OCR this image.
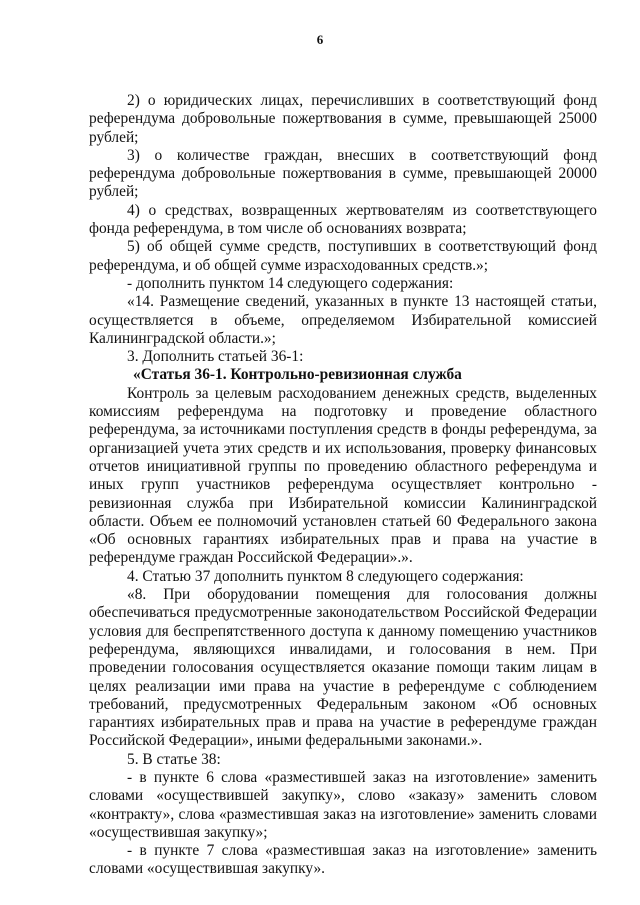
6

2) о юридических лицах, перечисливших в соответствующий фонд референдума добровольные пожертвования в сумме, превышающей 25000 рублей;

3) о количестве граждан, внесших в соответствующий фонд референдума добровольные пожертвования в сумме, превышающей 20000 рублей;

4) о средствах, возвращенных жертвователям из соответствующего фонда референдума, в том числе об основаниях возврата;

5) об общей сумме средств, поступивших в соответствующий фонд референдума, и об общей сумме израсходованных средств.»;

- дополнить пунктом 14 следующего содержания:

«14. Размещение сведений, указанных в пункте 13 настоящей статьи, осуществляется в объеме, определяемом Избирательной комиссией Калининградской области.»;

3. Дополнить статьей 36-1:

«Статья 36-1. Контрольно-ревизионная служба

Контроль за целевым расходованием денежных средств, выделенных комиссиям референдума на подготовку и проведение областного референдума, за источниками поступления средств в фонды референдума, за организацией учета этих средств и их использования, проверку финансовых отчетов инициативной группы по проведению областного референдума и иных групп участников референдума осуществляет контрольно - ревизионная служба при Избирательной комиссии Калининградской области. Объем ее полномочий установлен статьей 60 Федерального закона «Об основных гарантиях избирательных прав и права на участие в референдуме граждан Российской Федерации».».

4. Статью 37 дополнить пунктом 8 следующего содержания:

«8. При оборудовании помещения для голосования должны обеспечиваться предусмотренные законодательством Российской Федерации условия для беспрепятственного доступа к данному помещению участников референдума, являющихся инвалидами, и голосования в нем. При проведении голосования осуществляется оказание помощи таким лицам в целях реализации ими права на участие в референдуме с соблюдением требований, предусмотренных Федеральным законом «Об основных гарантиях избирательных прав и права на участие в референдуме граждан Российской Федерации», иными федеральными законами.».

5. В статье 38:

- в пункте 6 слова «разместившей заказ на изготовление» заменить словами «осуществившей закупку», слово «заказу» заменить словом «контракту», слова «разместившая заказ на изготовление» заменить словами «осуществившая закупку»;

- в пункте 7 слова «разместившая заказ на изготовление» заменить словами «осуществившая закупку».
